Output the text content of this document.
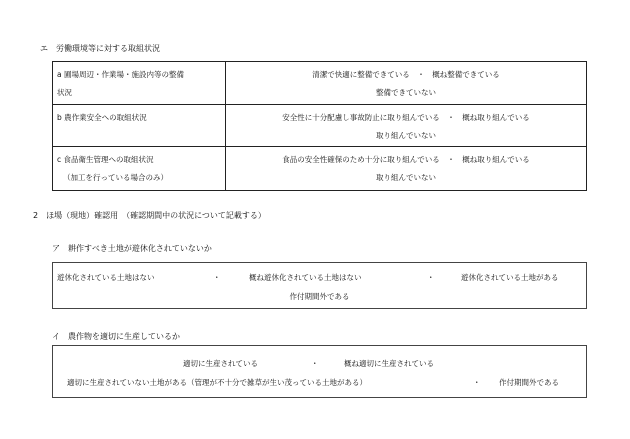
エ　労働環境等に対する取組状況
a 圃場周辺・作業場・施設内等の整備
状況	清潔で快適に整備できている　・　概ね整備できている
整備できていない

b 農作業安全への取組状況	安全性に十分配慮し事故防止に取り組んでいる　・　概ね取り組んでいる
取り組んでいない

c 食品衛生管理への取組状況
（加工を行っている場合のみ）	食品の安全性確保のため十分に取り組んでいる　・　概ね取り組んでいる
取り組んでいない
2　ほ場（現地）確認用　（確認期間中の状況について記載する）
ア　耕作すべき土地が遊休化されていないか
遊休化されている土地はない	・	概ね遊休化されている土地はない	・	遊休化されている土地がある
作付期間外である
イ　農作物を適切に生産しているか
適切に生産されている	・	概ね適切に生産されている
適切に生産されていない土地がある（管理が不十分で雑草が生い茂っている土地がある）	・ 作付期間外である
